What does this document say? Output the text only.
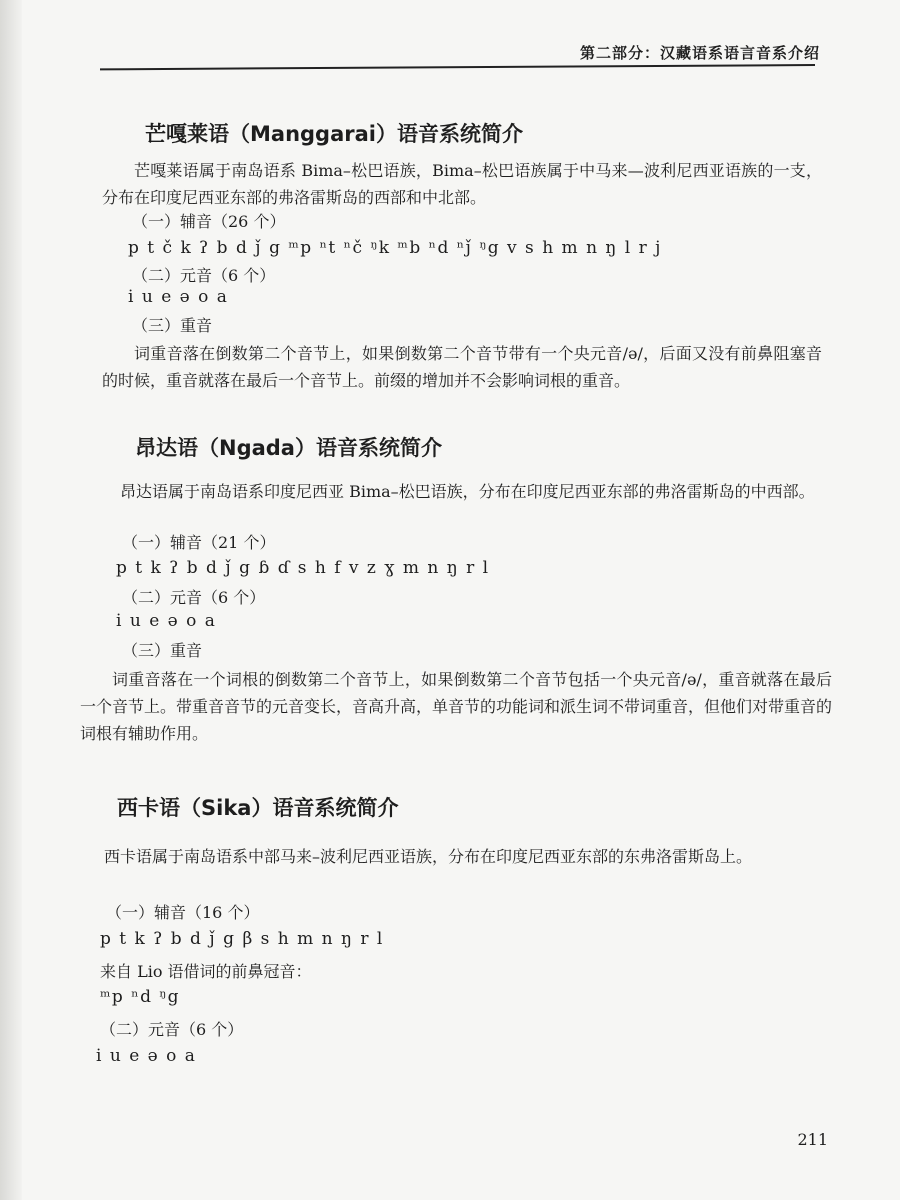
第二部分：汉藏语系语言音系介绍
芒嘎莱语（Manggarai）语音系统简介
芒嘎莱语属于南岛语系 Bima–松巴语族，Bima–松巴语族属于中马来—波利尼西亚语族的一支，分布在印度尼西亚东部的弗洛雷斯岛的西部和中北部。
（一）辅音（26 个）
p t č k ʔ b d ǰ g ᵐp ⁿt ⁿč ᵑk ᵐb ⁿd ⁿǰ ᵑg v s h m n ŋ l r j
（二）元音（6 个）
i u e ə o a
（三）重音
词重音落在倒数第二个音节上，如果倒数第二个音节带有一个央元音/ə/，后面又没有前鼻阻塞音的时候，重音就落在最后一个音节上。前缀的增加并不会影响词根的重音。
昂达语（Ngada）语音系统简介
昂达语属于南岛语系印度尼西亚 Bima–松巴语族，分布在印度尼西亚东部的弗洛雷斯岛的中西部。
（一）辅音（21 个）
p t k ʔ b d ǰ g ɓ ɗ s h f v z ɣ m n ŋ r l
（二）元音（6 个）
i u e ə o a
（三）重音
词重音落在一个词根的倒数第二个音节上，如果倒数第二个音节包括一个央元音/ə/，重音就落在最后一个音节上。带重音音节的元音变长，音高升高，单音节的功能词和派生词不带词重音，但他们对带重音的词根有辅助作用。
西卡语（Sika）语音系统简介
西卡语属于南岛语系中部马来–波利尼西亚语族，分布在印度尼西亚东部的东弗洛雷斯岛上。
（一）辅音（16 个）
p t k ʔ b d ǰ g β s h m n ŋ r l
来自 Lio 语借词的前鼻冠音：
ᵐp ⁿd ᵑg
（二）元音（6 个）
i u e ə o a
211
